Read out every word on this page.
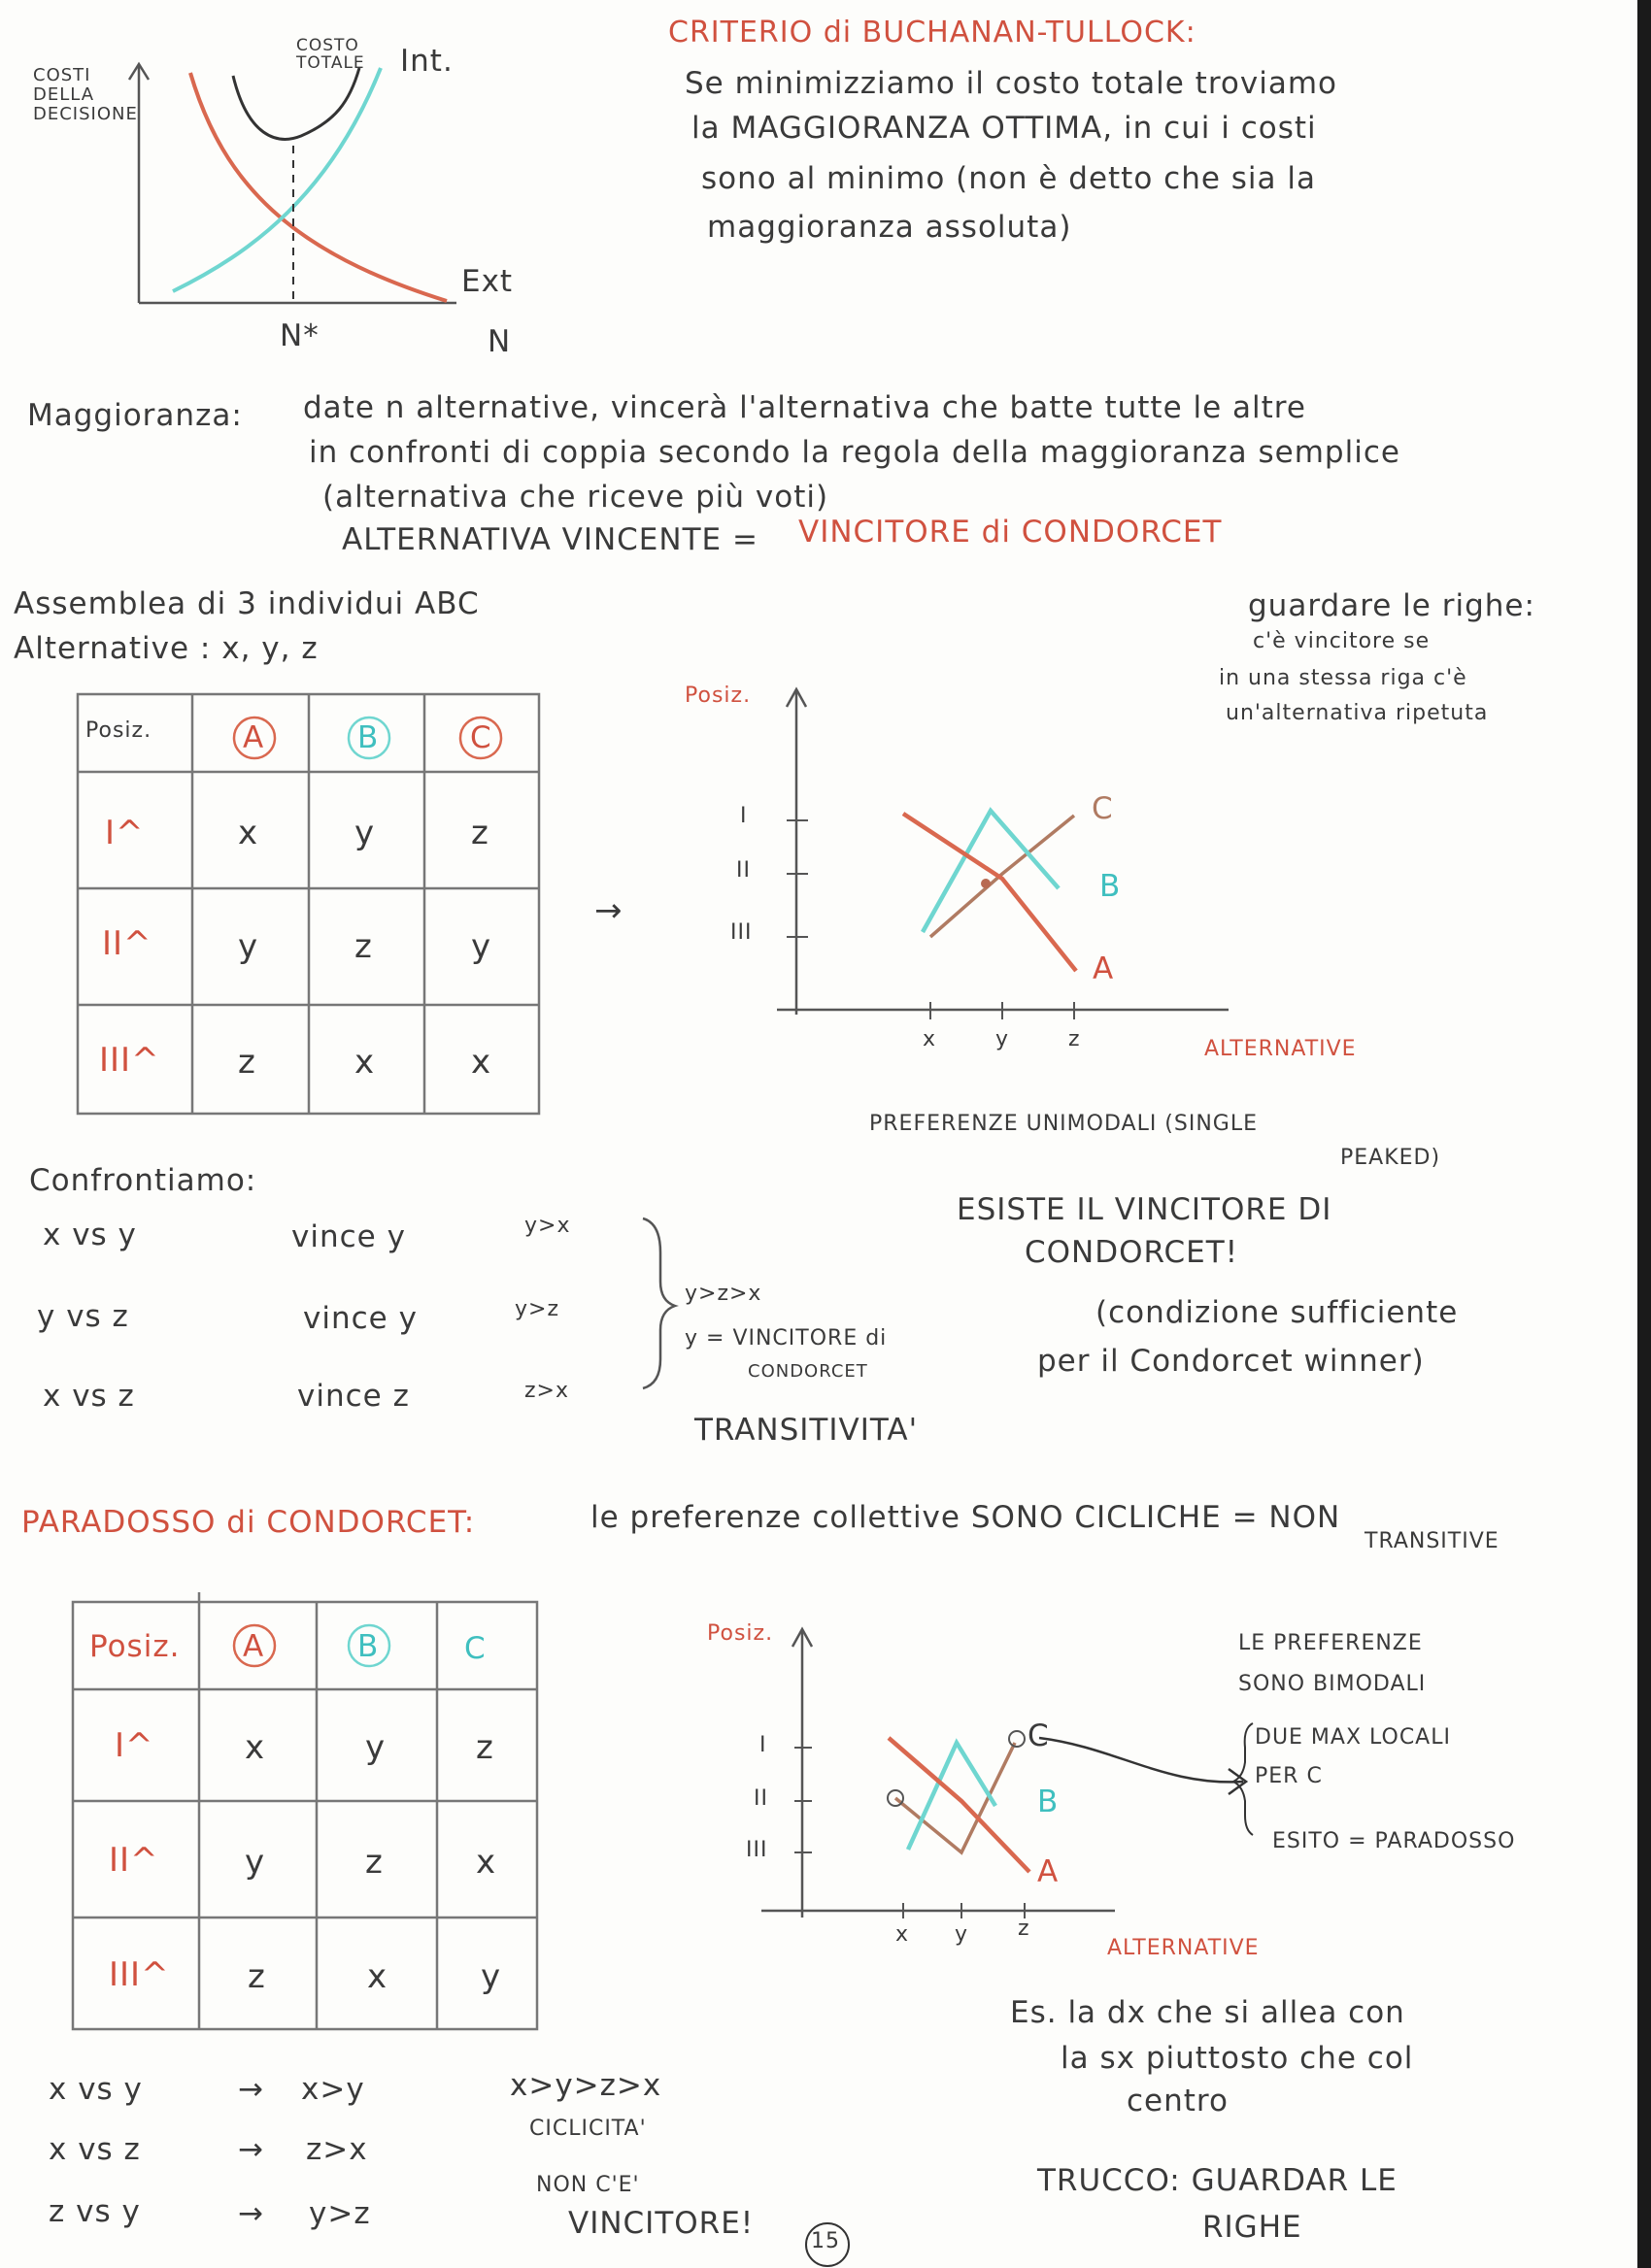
COSTI
DELLA
DECISIONE
COSTO
TOTALE Int.
Ext
N*	N
CRITERIO di BUCHANAN-TULLOCK:
Se minimizziamo il costo totale troviamo
la MAGGIORANZA OTTIMA, in cui i costi
sono al minimo (non è detto che sia la
maggioranza assoluta)
Maggioranza: date n alternative, vincerà l'alternativa che batte tutte le altre
in confronti di coppia secondo la regola della maggioranza semplice
(alternativa che riceve più voti)
ALTERNATIVA VINCENTE = VINCITORE di CONDORCET
Assemblea di 3 individui ABC
Alternative : x, y, z
guardare le righe:
c'è vincitore se
in una stessa riga c'è
un'alternativa ripetuta
Posiz.	A	B	C
I^	x	y	z
II^	y	z	y
III^ z	x	x
→
Posiz.
I
II
III
x	y	z	ALTERNATIVE
C
B
A
PREFERENZE UNIMODALI (SINGLE
PEAKED)
Confrontiamo:
x vs y	vince y	y>x
y vs z	vince y	y>z
x vs z	vince z	z>x
y>z>x
y = VINCITORE di
CONDORCET
TRANSITIVITA'
ESISTE IL VINCITORE DI
CONDORCET!
(condizione sufficiente
per il Condorcet winner)
PARADOSSO di CONDORCET:	le preferenze collettive SONO CICLICHE = NON
TRANSITIVE
Posiz. A	B	C
I^	x	y	z
II^	y	z	x
III^ z	x	y
Posiz.
I
II
III
x y z
ALTERNATIVE
C
B
A
LE PREFERENZE
SONO BIMODALI
DUE MAX LOCALI
PER C
ESITO = PARADOSSO
x vs y	→ x>y
x vs z	→ z>x
z vs y	→ y>z
x>y>z>x
CICLICITA'
NON C'E'
VINCITORE!
Es. la dx che si allea con
la sx piuttosto che col
centro
TRUCCO: GUARDAR LE
RIGHE
15
